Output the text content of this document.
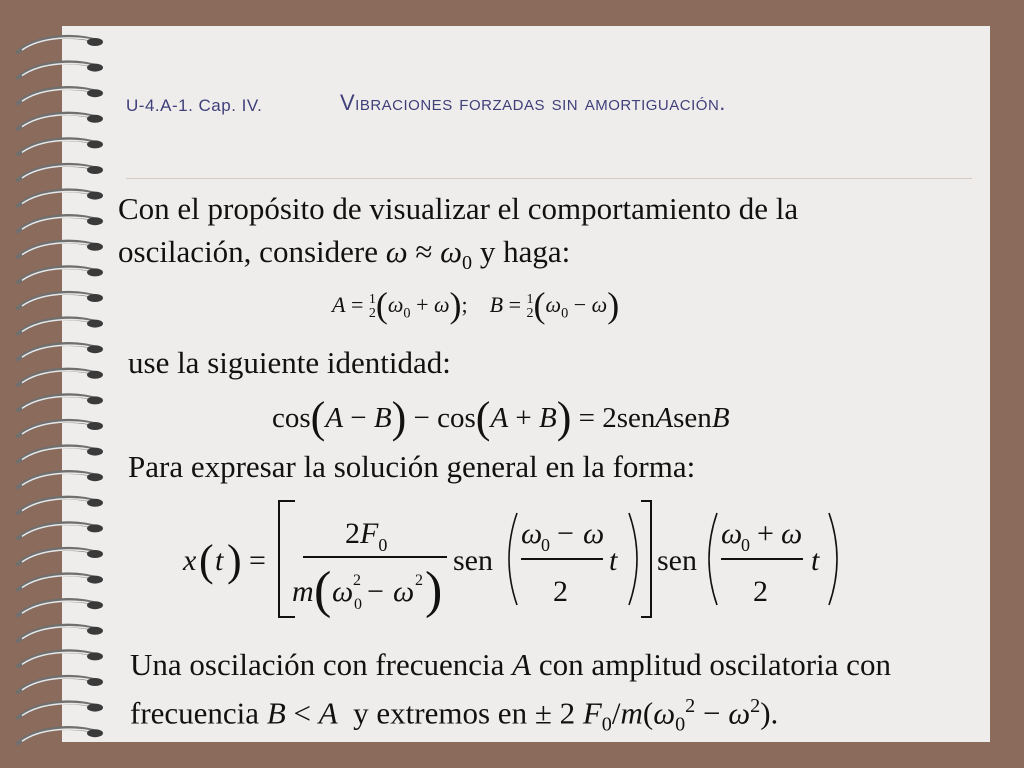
U-4.A-1. Cap. IV.	Vibraciones forzadas sin amortiguación.
Con el propósito de visualizar el comportamiento de la
oscilación, considere $\omega \approx \omega_0$ y haga:
A = 1
$2(\omega_0 + \omega)$;    B = 1
$2(\omega_0 - \omega)$
use la siguiente identidad:
cos(A − B) − cos(A + B) = 2senAsenB
Para expresar la solución general en la forma:
x ( t ) =
$2F_0$
m ( ω 2
0 − ω 2 )
sen
ω
0 − ω
2
t sen
ω
0 + ω
2
t
Una oscilación con frecuencia A con amplitud oscilatoria con
frecuencia B < A  y extremos en ± 2 $F_0/m(\omega_0^2 - \omega^2)$.
